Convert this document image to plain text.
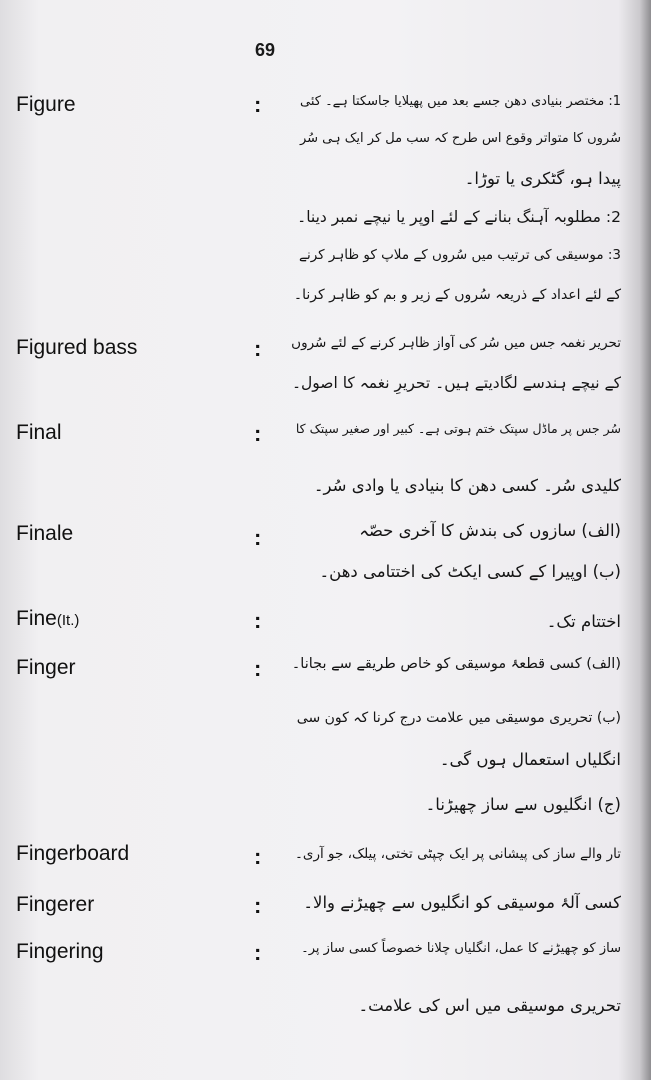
69
Figure	:	1: مختصر بنیادی دھن جسے بعد میں پھیلایا جاسکتا ہے۔ کئی
سُروں کا متواتر وقوع اس طرح کہ سب مل کر ایک ہی سُر
پیدا ہو، گٹکری یا توڑا۔
2: مطلوبہ آہنگ بنانے کے لئے اوپر یا نیچے نمبر دینا۔
3: موسیقی کی ترتیب میں سُروں کے ملاپ کو ظاہر کرنے
کے لئے اعداد کے ذریعہ سُروں کے زیر و بم کو ظاہر کرنا۔
Figured bass	: تحریر نغمہ جس میں سُر کی آواز ظاہر کرنے کے لئے سُروں
کے نیچے ہندسے لگادیتے ہیں۔ تحریرِ نغمہ کا اصول۔
Final	:	سُر جس پر ماڈل سپتک ختم ہوتی ہے۔ کبیر اور صغیر سپتک کا
کلیدی سُر۔ کسی دھن کا بنیادی یا وادی سُر۔
Finale	:	(الف) سازوں کی بندش کا آخری حصّہ
(ب) اوپیرا کے کسی ایکٹ کی اختتامی دھن۔
Fine(It.)	:	اختتام تک۔
Finger	: (الف) کسی قطعۂ موسیقی کو خاص طریقے سے بجانا۔
(ب) تحریری موسیقی میں علامت درج کرنا کہ کون سی
انگلیاں استعمال ہوں گی۔
(ج) انگلیوں سے ساز چھیڑنا۔
Fingerboard	: تار والے ساز کی پیشانی پر ایک چپٹی تختی، پیلک، جو آری۔
Fingerer	:	کسی آلۂ موسیقی کو انگلیوں سے چھیڑنے والا۔
Fingering	:	ساز کو چھیڑنے کا عمل، انگلیاں چلانا خصوصاً کسی ساز پر۔
تحریری موسیقی میں اس کی علامت۔
